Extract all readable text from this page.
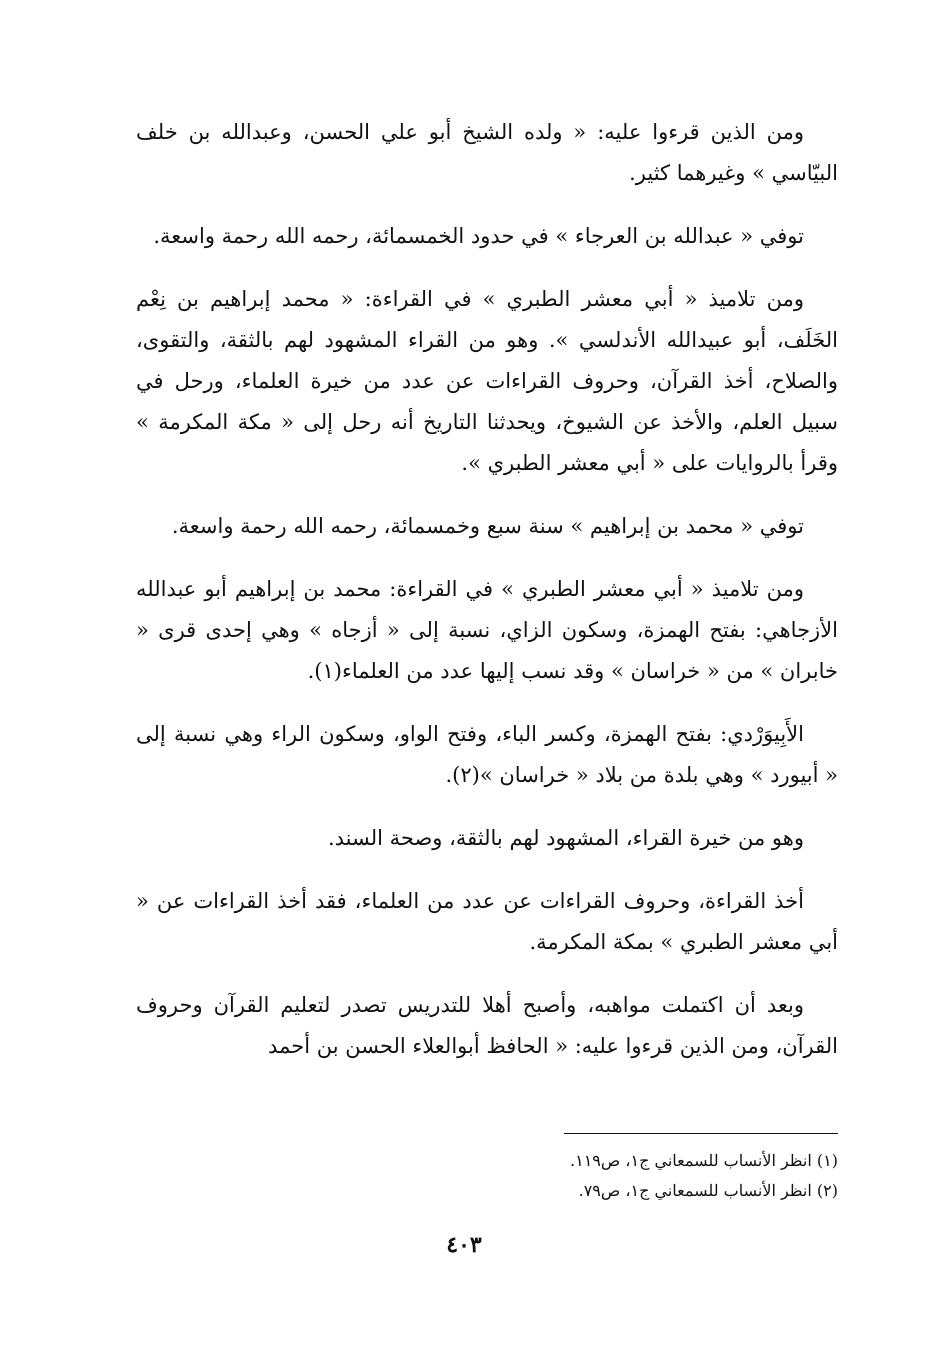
ومن الذين قرءوا عليه: « ولده الشيخ أبو علي الحسن، وعبدالله بن خلف البيّاسي » وغيرهما كثير.

توفي « عبدالله بن العرجاء » في حدود الخمسمائة، رحمه الله رحمة واسعة.

ومن تلاميذ « أبي معشر الطبري » في القراءة: « محمد إبراهيم بن نِعْم الخَلَف، أبو عبيدالله الأندلسي ». وهو من القراء المشهود لهم بالثقة، والتقوى، والصلاح، أخذ القرآن، وحروف القراءات عن عدد من خيرة العلماء، ورحل في سبيل العلم، والأخذ عن الشيوخ، ويحدثنا التاريخ أنه رحل إلى « مكة المكرمة » وقرأ بالروايات على « أبي معشر الطبري ».

توفي « محمد بن إبراهيم » سنة سبع وخمسمائة، رحمه الله رحمة واسعة.

ومن تلاميذ « أبي معشر الطبري » في القراءة: محمد بن إبراهيم أبو عبدالله الأزجاهي: بفتح الهمزة، وسكون الزاي، نسبة إلى « أزجاه » وهي إحدى قرى « خابران » من « خراسان » وقد نسب إليها عدد من العلماء(١).

الأَبِيوَرْدي: بفتح الهمزة، وكسر الباء، وفتح الواو، وسكون الراء وهي نسبة إلى « أبيورد » وهي بلدة من بلاد « خراسان »(٢).

وهو من خيرة القراء، المشهود لهم بالثقة، وصحة السند.

أخذ القراءة، وحروف القراءات عن عدد من العلماء، فقد أخذ القراءات عن « أبي معشر الطبري » بمكة المكرمة.

وبعد أن اكتملت مواهبه، وأصبح أهلا للتدريس تصدر لتعليم القرآن وحروف القرآن، ومن الذين قرءوا عليه: « الحافظ أبوالعلاء الحسن بن أحمد

(١) انظر الأنساب للسمعاني ج١، ص١١٩.

(٢) انظر الأنساب للسمعاني ج١، ص٧٩.

٤٠٣
